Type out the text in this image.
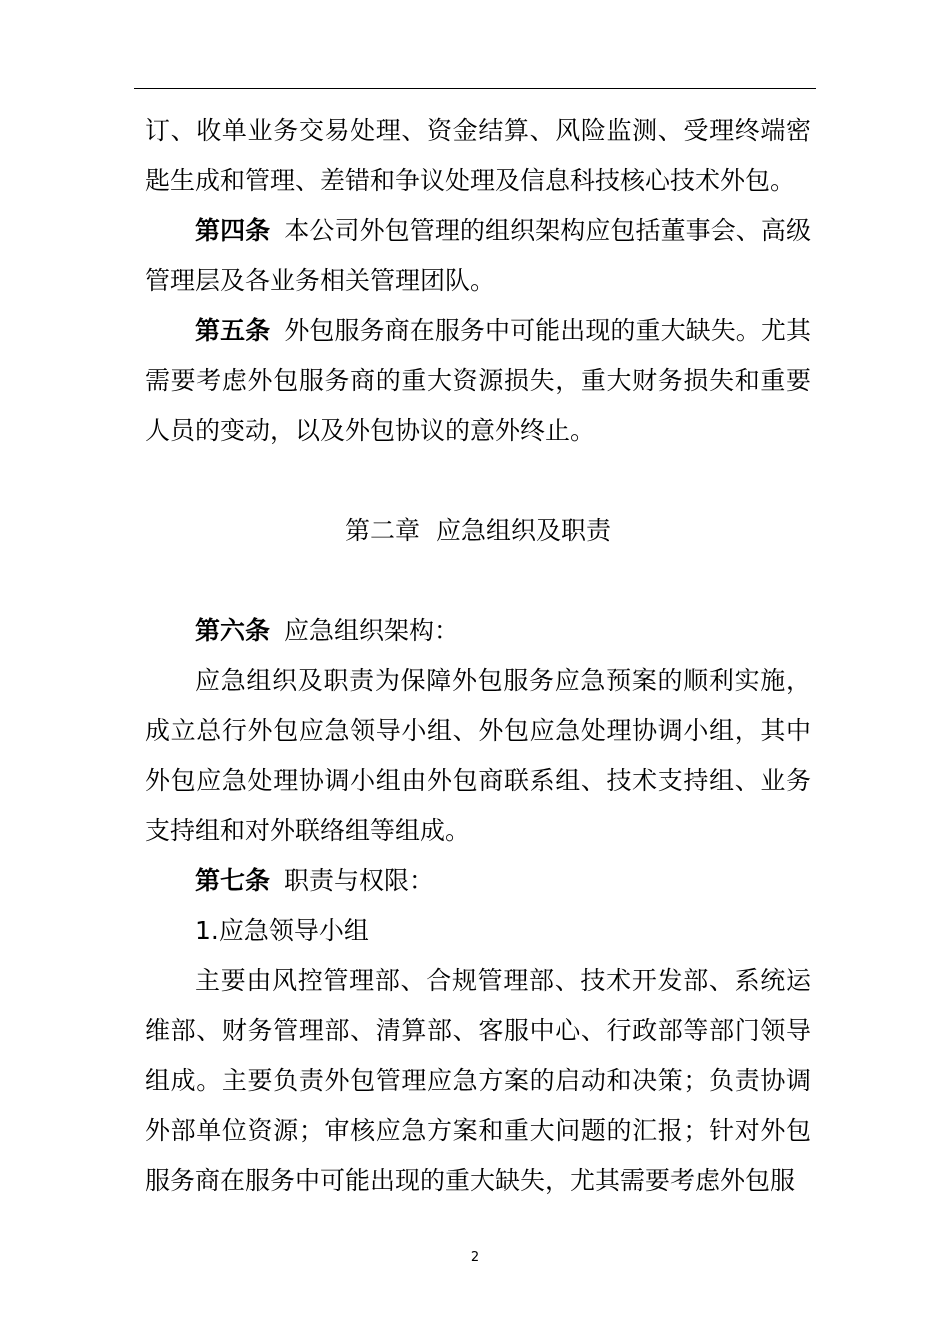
订、收单业务交易处理、资金结算、风险监测、受理终端密匙生成和管理、差错和争议处理及信息科技核心技术外包。

第四条 本公司外包管理的组织架构应包括董事会、高级管理层及各业务相关管理团队。

第五条 外包服务商在服务中可能出现的重大缺失。尤其需要考虑外包服务商的重大资源损失，重大财务损失和重要人员的变动，以及外包协议的意外终止。

第二章  应急组织及职责

第六条 应急组织架构：

应急组织及职责为保障外包服务应急预案的顺利实施，成立总行外包应急领导小组、外包应急处理协调小组，其中外包应急处理协调小组由外包商联系组、技术支持组、业务支持组和对外联络组等组成。

第七条 职责与权限：

1.应急领导小组

主要由风控管理部、合规管理部、技术开发部、系统运维部、财务管理部、清算部、客服中心、行政部等部门领导组成。主要负责外包管理应急方案的启动和决策；负责协调外部单位资源；审核应急方案和重大问题的汇报；针对外包服务商在服务中可能出现的重大缺失，尤其需要考虑外包服

2
